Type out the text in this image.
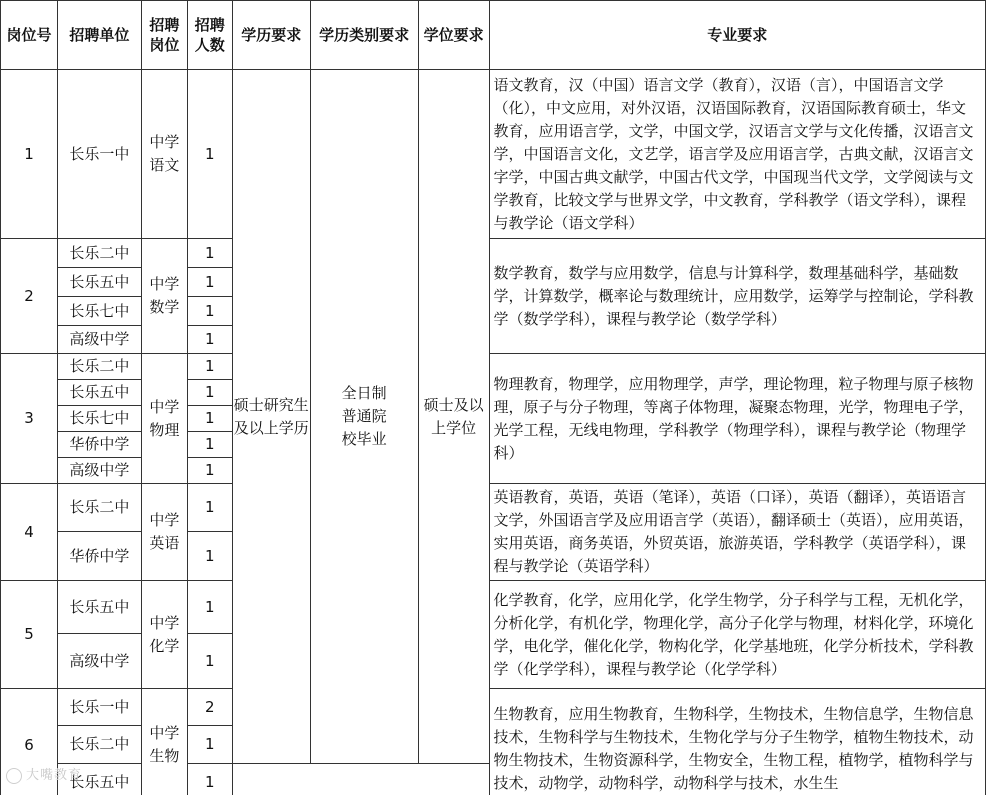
岗位号	招聘单位	招聘岗位	招聘人数	学历要求	学历类别要求	学位要求	专业要求
1	长乐一中	中学语文	1	硕士研究生及以上学历	全日制普通院校毕业	硕士及以上学位	语文教育，汉（中国）语言文学（教育），汉语（言），中国语言文学（化），中文应用，对外汉语，汉语国际教育，汉语国际教育硕士，华文教育，应用语言学，文学，中国文学，汉语言文学与文化传播，汉语言文学，中国语言文化，文艺学，语言学及应用语言学，古典文献，汉语言文字学，中国古典文献学，中国古代文学，中国现当代文学，文学阅读与文学教育，比较文学与世界文学，中文教育，学科教学（语文学科），课程与教学论（语文学科）
2	长乐二中	中学数学	1				数学教育，数学与应用数学，信息与计算科学，数理基础科学，基础数学，计算数学，概率论与数理统计，应用数学，运筹学与控制论，学科教学（数学学科），课程与教学论（数学学科）
	长乐五中		1				
	长乐七中		1				
	高级中学		1				
3	长乐二中	中学物理	1				物理教育，物理学，应用物理学，声学，理论物理，粒子物理与原子核物理，原子与分子物理，等离子体物理，凝聚态物理，光学，物理电子学，光学工程，无线电物理，学科教学（物理学科），课程与教学论（物理学科）
	长乐五中		1				
	长乐七中		1				
	华侨中学		1				
	高级中学		1				
4	长乐二中	中学英语	1				英语教育，英语，英语（笔译），英语（口译），英语（翻译），英语语言文学，外国语言学及应用语言学（英语），翻译硕士（英语），应用英语，实用英语，商务英语，外贸英语，旅游英语，学科教学（英语学科），课程与教学论（英语学科）
	华侨中学		1				
5	长乐五中	中学化学	1				化学教育，化学，应用化学，化学生物学，分子科学与工程，无机化学，分析化学，有机化学，物理化学，高分子化学与物理，材料化学，环境化学，电化学，催化化学，物构化学，化学基地班，化学分析技术，学科教学（化学学科），课程与教学论（化学学科）
	高级中学		1				
6	长乐一中	中学生物	2				生物教育，应用生物教育，生物科学，生物技术，生物信息学，生物信息技术，生物科学与生物技术，生物化学与分子生物学，植物生物技术，动物生物技术，生物资源科学，生物安全，生物工程，植物学，植物科学与技术，动物学，动物科学，动物科学与技术，水生生
	长乐二中		1				
	长乐五中		1				
大嘴教育
